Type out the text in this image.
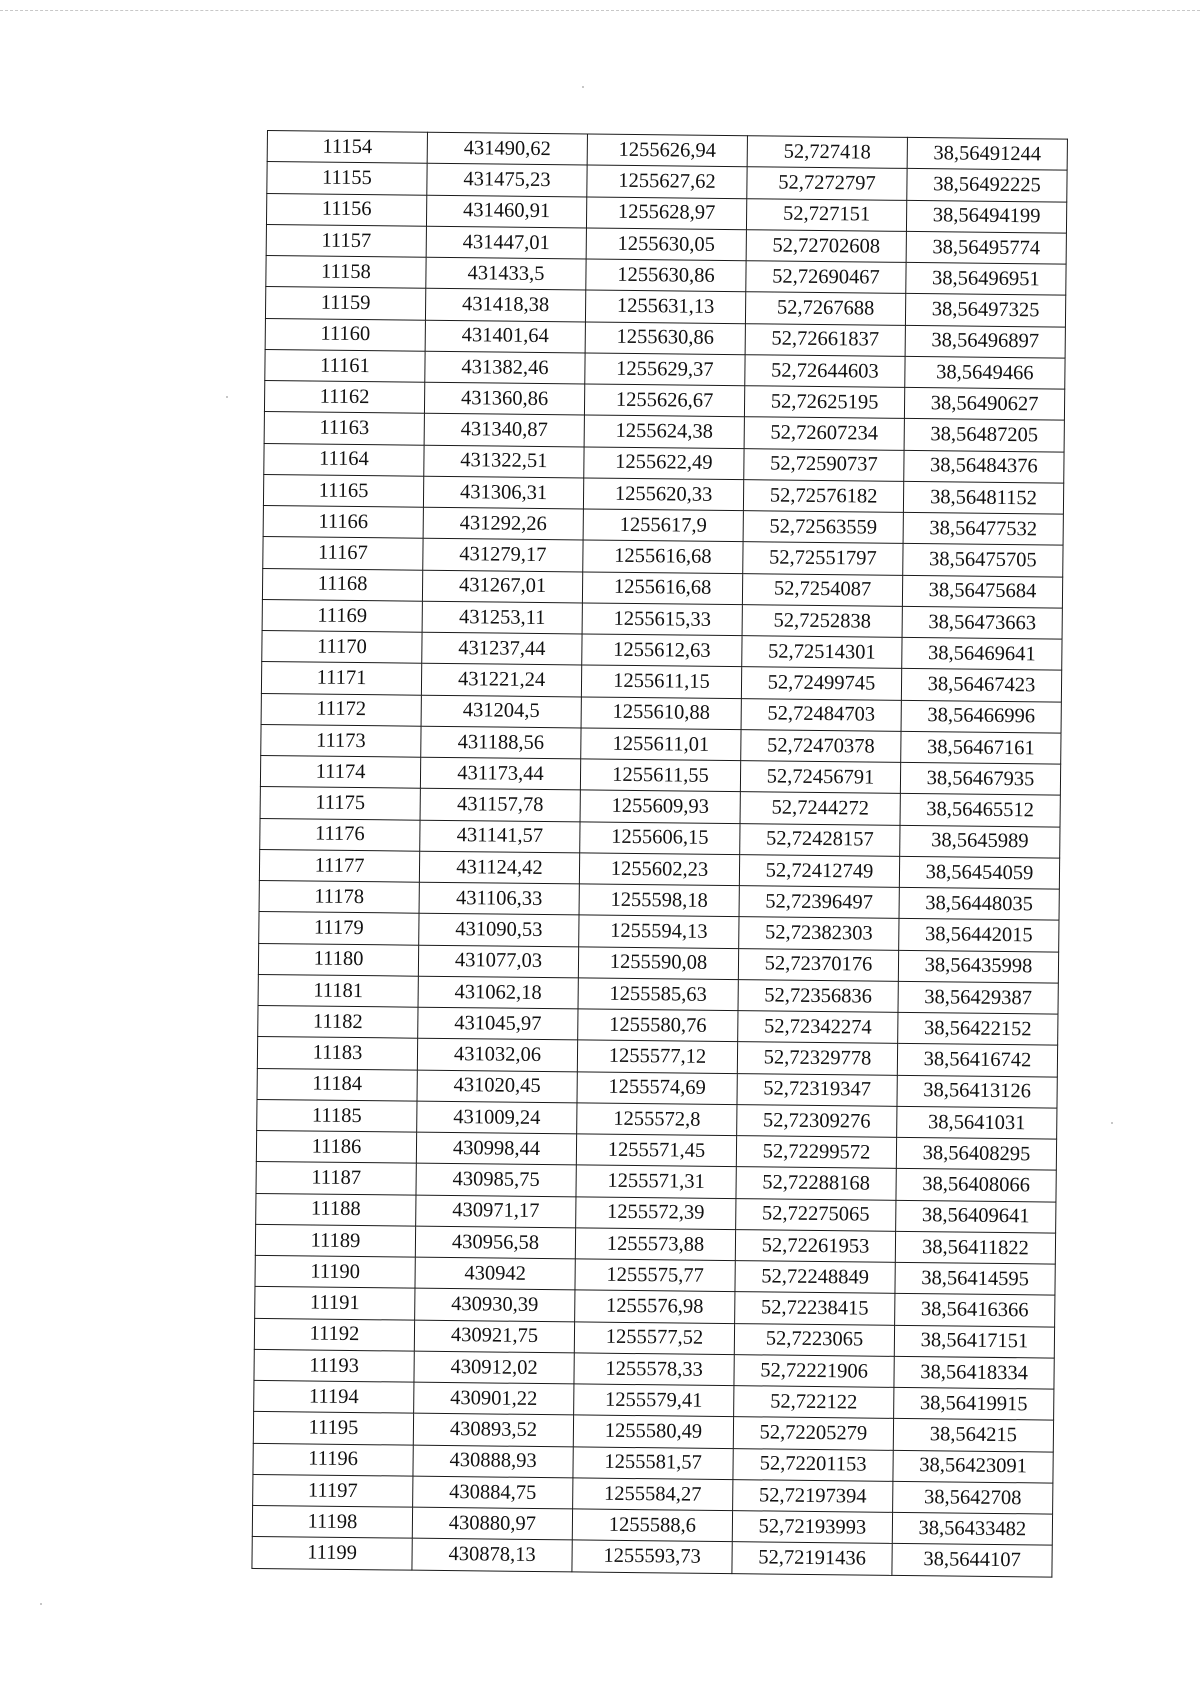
11154	431490,62	1255626,94	52,727418	38,56491244
11155	431475,23	1255627,62	52,7272797	38,56492225
11156	431460,91	1255628,97	52,727151	38,56494199
11157	431447,01	1255630,05	52,72702608	38,56495774
11158	431433,5	1255630,86	52,72690467	38,56496951
11159	431418,38	1255631,13	52,7267688	38,56497325
11160	431401,64	1255630,86	52,72661837	38,56496897
11161	431382,46	1255629,37	52,72644603	38,5649466
11162	431360,86	1255626,67	52,72625195	38,56490627
11163	431340,87	1255624,38	52,72607234	38,56487205
11164	431322,51	1255622,49	52,72590737	38,56484376
11165	431306,31	1255620,33	52,72576182	38,56481152
11166	431292,26	1255617,9	52,72563559	38,56477532
11167	431279,17	1255616,68	52,72551797	38,56475705
11168	431267,01	1255616,68	52,7254087	38,56475684
11169	431253,11	1255615,33	52,7252838	38,56473663
11170	431237,44	1255612,63	52,72514301	38,56469641
11171	431221,24	1255611,15	52,72499745	38,56467423
11172	431204,5	1255610,88	52,72484703	38,56466996
11173	431188,56	1255611,01	52,72470378	38,56467161
11174	431173,44	1255611,55	52,72456791	38,56467935
11175	431157,78	1255609,93	52,7244272	38,56465512
11176	431141,57	1255606,15	52,72428157	38,5645989
11177	431124,42	1255602,23	52,72412749	38,56454059
11178	431106,33	1255598,18	52,72396497	38,56448035
11179	431090,53	1255594,13	52,72382303	38,56442015
11180	431077,03	1255590,08	52,72370176	38,56435998
11181	431062,18	1255585,63	52,72356836	38,56429387
11182	431045,97	1255580,76	52,72342274	38,56422152
11183	431032,06	1255577,12	52,72329778	38,56416742
11184	431020,45	1255574,69	52,72319347	38,56413126
11185	431009,24	1255572,8	52,72309276	38,5641031
11186	430998,44	1255571,45	52,72299572	38,56408295
11187	430985,75	1255571,31	52,72288168	38,56408066
11188	430971,17	1255572,39	52,72275065	38,56409641
11189	430956,58	1255573,88	52,72261953	38,56411822
11190	430942	1255575,77	52,72248849	38,56414595
11191	430930,39	1255576,98	52,72238415	38,56416366
11192	430921,75	1255577,52	52,7223065	38,56417151
11193	430912,02	1255578,33	52,72221906	38,56418334
11194	430901,22	1255579,41	52,722122	38,56419915
11195	430893,52	1255580,49	52,72205279	38,564215
11196	430888,93	1255581,57	52,72201153	38,56423091
11197	430884,75	1255584,27	52,72197394	38,5642708
11198	430880,97	1255588,6	52,72193993	38,56433482
11199	430878,13	1255593,73	52,72191436	38,5644107
